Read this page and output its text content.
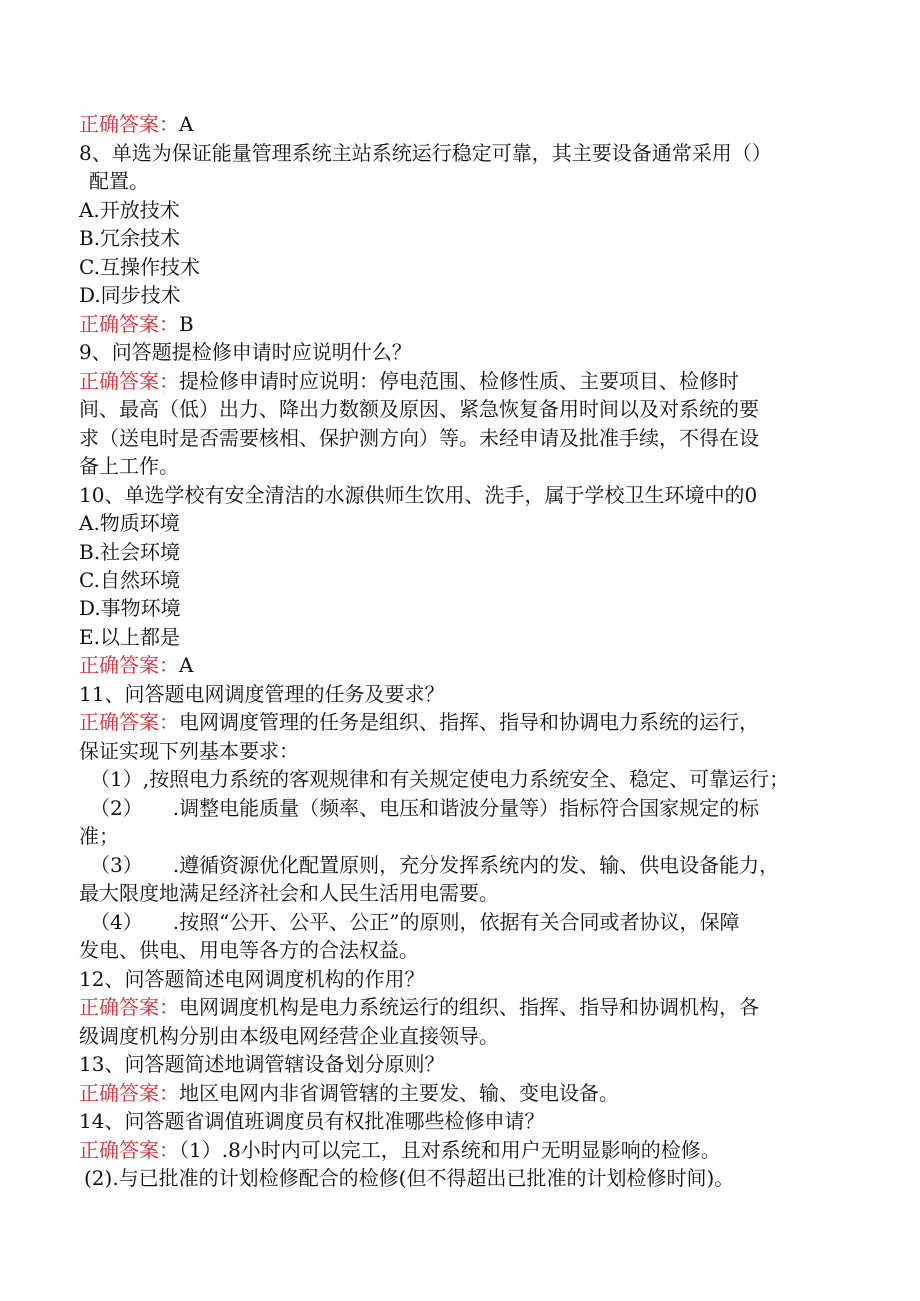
正确答案：A
8、单选为保证能量管理系统主站系统运行稳定可靠，其主要设备通常采用（）
配置。
A.开放技术
B.冗余技术
C.互操作技术
D.同步技术
正确答案：B
9、问答题提检修申请时应说明什么？
正确答案：提检修申请时应说明：停电范围、检修性质、主要项目、检修时
间、最高（低）出力、降出力数额及原因、紧急恢复备用时间以及对系统的要
求（送电时是否需要核相、保护测方向）等。未经申请及批准手续，不得在设
备上工作。
10、单选学校有安全清洁的水源供师生饮用、洗手，属于学校卫生环境中的0
A.物质环境
B.社会环境
C.自然环境
D.事物环境
E.以上都是
正确答案：A
11、问答题电网调度管理的任务及要求？
正确答案：电网调度管理的任务是组织、指挥、指导和协调电力系统的运行，
保证实现下列基本要求：
（1）,按照电力系统的客观规律和有关规定使电力系统安全、稳定、可靠运行；
（2）　　.调整电能质量（频率、电压和谐波分量等）指标符合国家规定的标
准；
（3）　　.遵循资源优化配置原则，充分发挥系统内的发、输、供电设备能力，
最大限度地满足经济社会和人民生活用电需要。
（4）　　.按照“公开、公平、公正”的原则，依据有关合同或者协议，保障
发电、供电、用电等各方的合法权益。
12、问答题简述电网调度机构的作用？
正确答案：电网调度机构是电力系统运行的组织、指挥、指导和协调机构，各
级调度机构分别由本级电网经营企业直接领导。
13、问答题简述地调管辖设备划分原则？
正确答案：地区电网内非省调管辖的主要发、输、变电设备。
14、问答题省调值班调度员有权批准哪些检修申请？
正确答案：（1）.8小时内可以完工，且对系统和用户无明显影响的检修。
(2).与已批准的计划检修配合的检修(但不得超出已批准的计划检修时间)。
